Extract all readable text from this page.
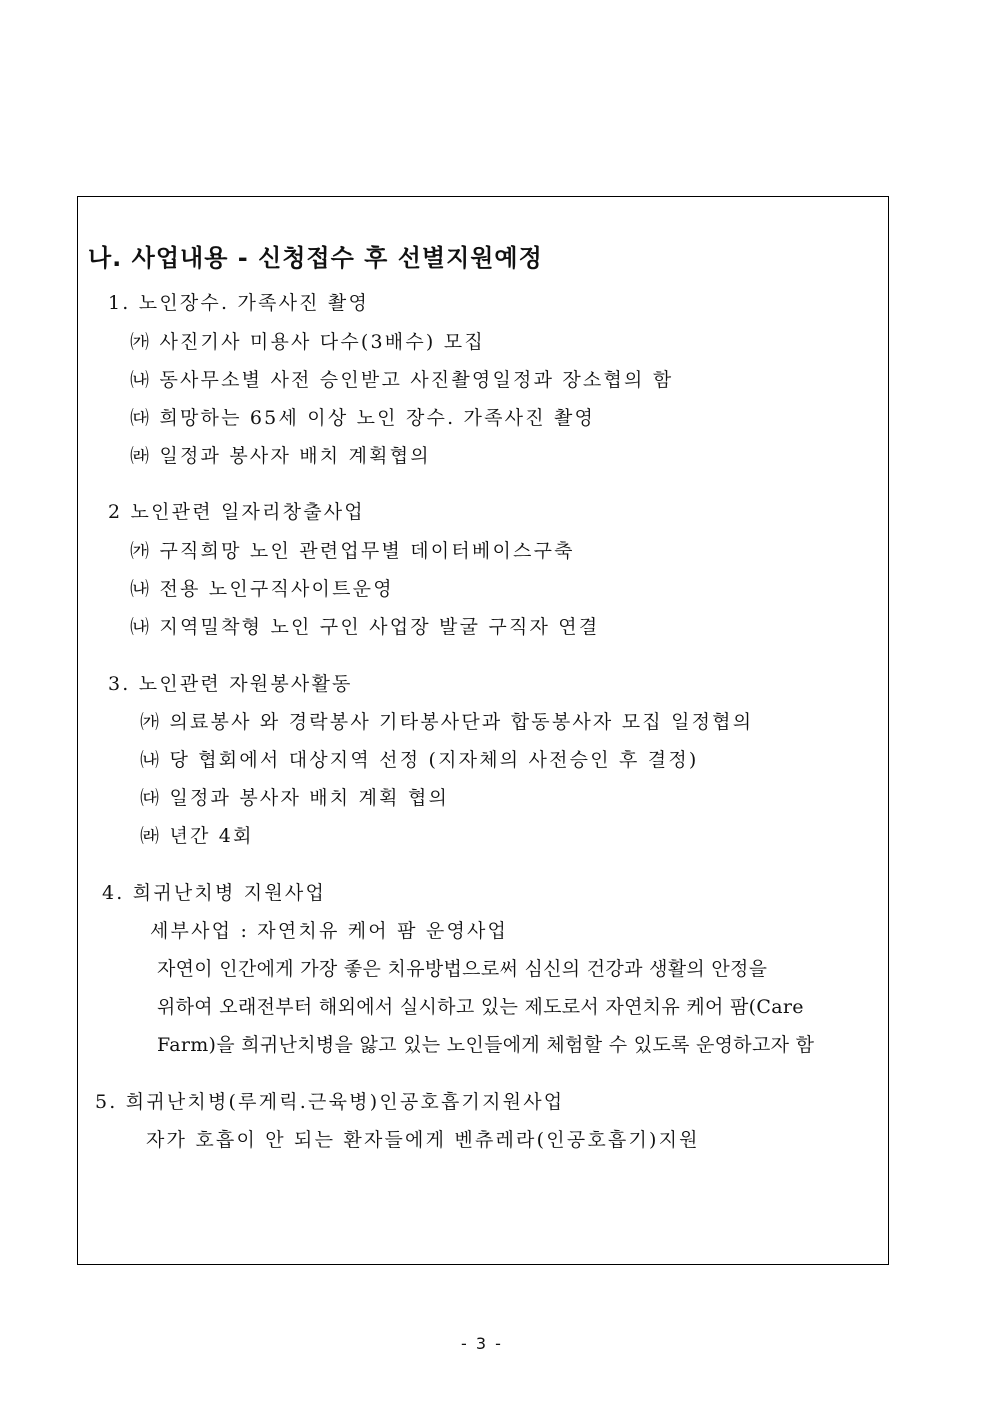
나. 사업내용 - 신청접수 후 선별지원예정
1. 노인장수. 가족사진 촬영
㈎ 사진기사 미용사 다수(3배수) 모집
㈏ 동사무소별 사전 승인받고 사진촬영일정과 장소협의 함
㈐ 희망하는 65세 이상 노인 장수. 가족사진 촬영
㈑ 일정과 봉사자 배치 계획협의
2 노인관련 일자리창출사업
㈎ 구직희망 노인 관련업무별 데이터베이스구축
㈏ 전용 노인구직사이트운영
㈏ 지역밀착형 노인 구인 사업장 발굴 구직자 연결
3. 노인관련 자원봉사활동
㈎ 의료봉사 와 경락봉사 기타봉사단과 합동봉사자 모집 일정협의
㈏ 당 협회에서 대상지역 선정 (지자체의 사전승인 후 결정)
㈐ 일정과 봉사자 배치 계획 협의
㈑ 년간 4회
4. 희귀난치병 지원사업
세부사업 : 자연치유 케어 팜 운영사업
자연이 인간에게 가장 좋은 치유방법으로써 심신의 건강과 생활의 안정을
위하여 오래전부터 해외에서 실시하고 있는 제도로서 자연치유 케어 팜(Care
Farm)을 희귀난치병을 앓고 있는 노인들에게 체험할 수 있도록 운영하고자 함
5. 희귀난치병(루게릭.근육병)인공호흡기지원사업
자가 호흡이 안 되는 환자들에게 벤츄레라(인공호흡기)지원
- 3 -
